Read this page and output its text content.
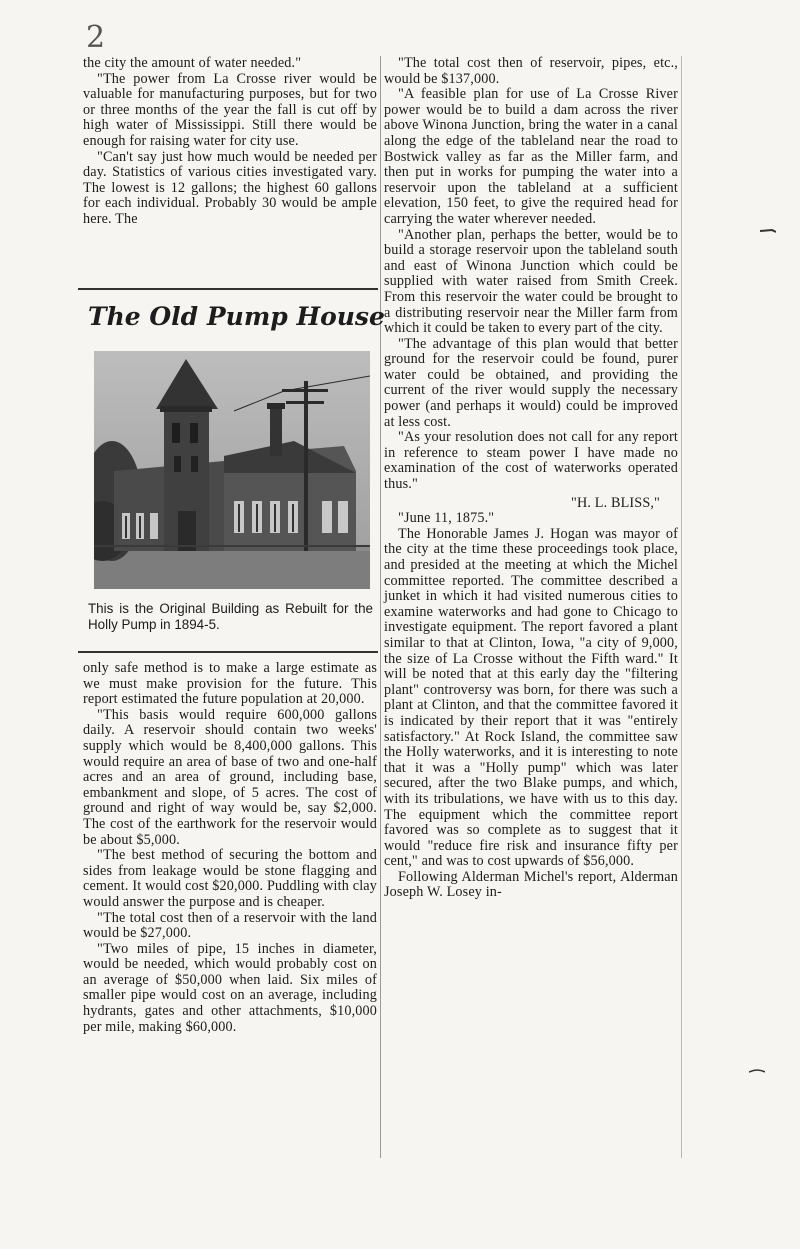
2

the city the amount of water needed."

"The power from La Crosse river would be valuable for manufacturing purposes, but for two or three months of the year the fall is cut off by high water of Mississippi. Still there would be enough for raising water for city use.

"Can't say just how much would be needed per day. Statistics of various cities investigated vary. The lowest is 12 gallons; the highest 60 gallons for each individual. Probably 30 would be ample here. The

The Old Pump House
This is the Original Building as Rebuilt for the Holly Pump in 1894-5.

only safe method is to make a large estimate as we must make provision for the future. This report estimated the future population at 20,000.

"This basis would require 600,000 gallons daily. A reservoir should contain two weeks' supply which would be 8,400,000 gallons. This would require an area of base of two and one-half acres and an area of ground, including base, embankment and slope, of 5 acres. The cost of ground and right of way would be, say $2,000. The cost of the earthwork for the reservoir would be about $5,000.

"The best method of securing the bottom and sides from leakage would be stone flagging and cement. It would cost $20,000. Puddling with clay would answer the purpose and is cheaper.

"The total cost then of a reservoir with the land would be $27,000.

"Two miles of pipe, 15 inches in diameter, would be needed, which would probably cost on an average of $50,000 when laid. Six miles of smaller pipe would cost on an average, including hydrants, gates and other attachments, $10,000 per mile, making $60,000.

"The total cost then of reservoir, pipes, etc., would be $137,000.

"A feasible plan for use of La Crosse River power would be to build a dam across the river above Winona Junction, bring the water in a canal along the edge of the tableland near the road to Bostwick valley as far as the Miller farm, and then put in works for pumping the water into a reservoir upon the tableland at a sufficient elevation, 150 feet, to give the required head for carrying the water wherever needed.

"Another plan, perhaps the better, would be to build a storage reservoir upon the tableland south and east of Winona Junction which could be supplied with water raised from Smith Creek. From this reservoir the water could be brought to a distributing reservoir near the Miller farm from which it could be taken to every part of the city.

"The advantage of this plan would that better ground for the reservoir could be found, purer water could be obtained, and providing the current of the river would supply the necessary power (and perhaps it would) could be improved at less cost.

"As your resolution does not call for any report in reference to steam power I have made no examination of the cost of waterworks operated thus."

"H. L. BLISS,"

"June 11, 1875."

The Honorable James J. Hogan was mayor of the city at the time these proceedings took place, and presided at the meeting at which the Michel committee reported. The committee described a junket in which it had visited numerous cities to examine waterworks and had gone to Chicago to investigate equipment. The report favored a plant similar to that at Clinton, Iowa, "a city of 9,000, the size of La Crosse without the Fifth ward." It will be noted that at this early day the "filtering plant" controversy was born, for there was such a plant at Clinton, and that the committee favored it is indicated by their report that it was "entirely satisfactory." At Rock Island, the committee saw the Holly waterworks, and it is interesting to note that it was a "Holly pump" which was later secured, after the two Blake pumps, and which, with its tribulations, we have with us to this day. The equipment which the committee report favored was so complete as to suggest that it would "reduce fire risk and insurance fifty per cent," and was to cost upwards of $56,000.

Following Alderman Michel's report, Alderman Joseph W. Losey in-
